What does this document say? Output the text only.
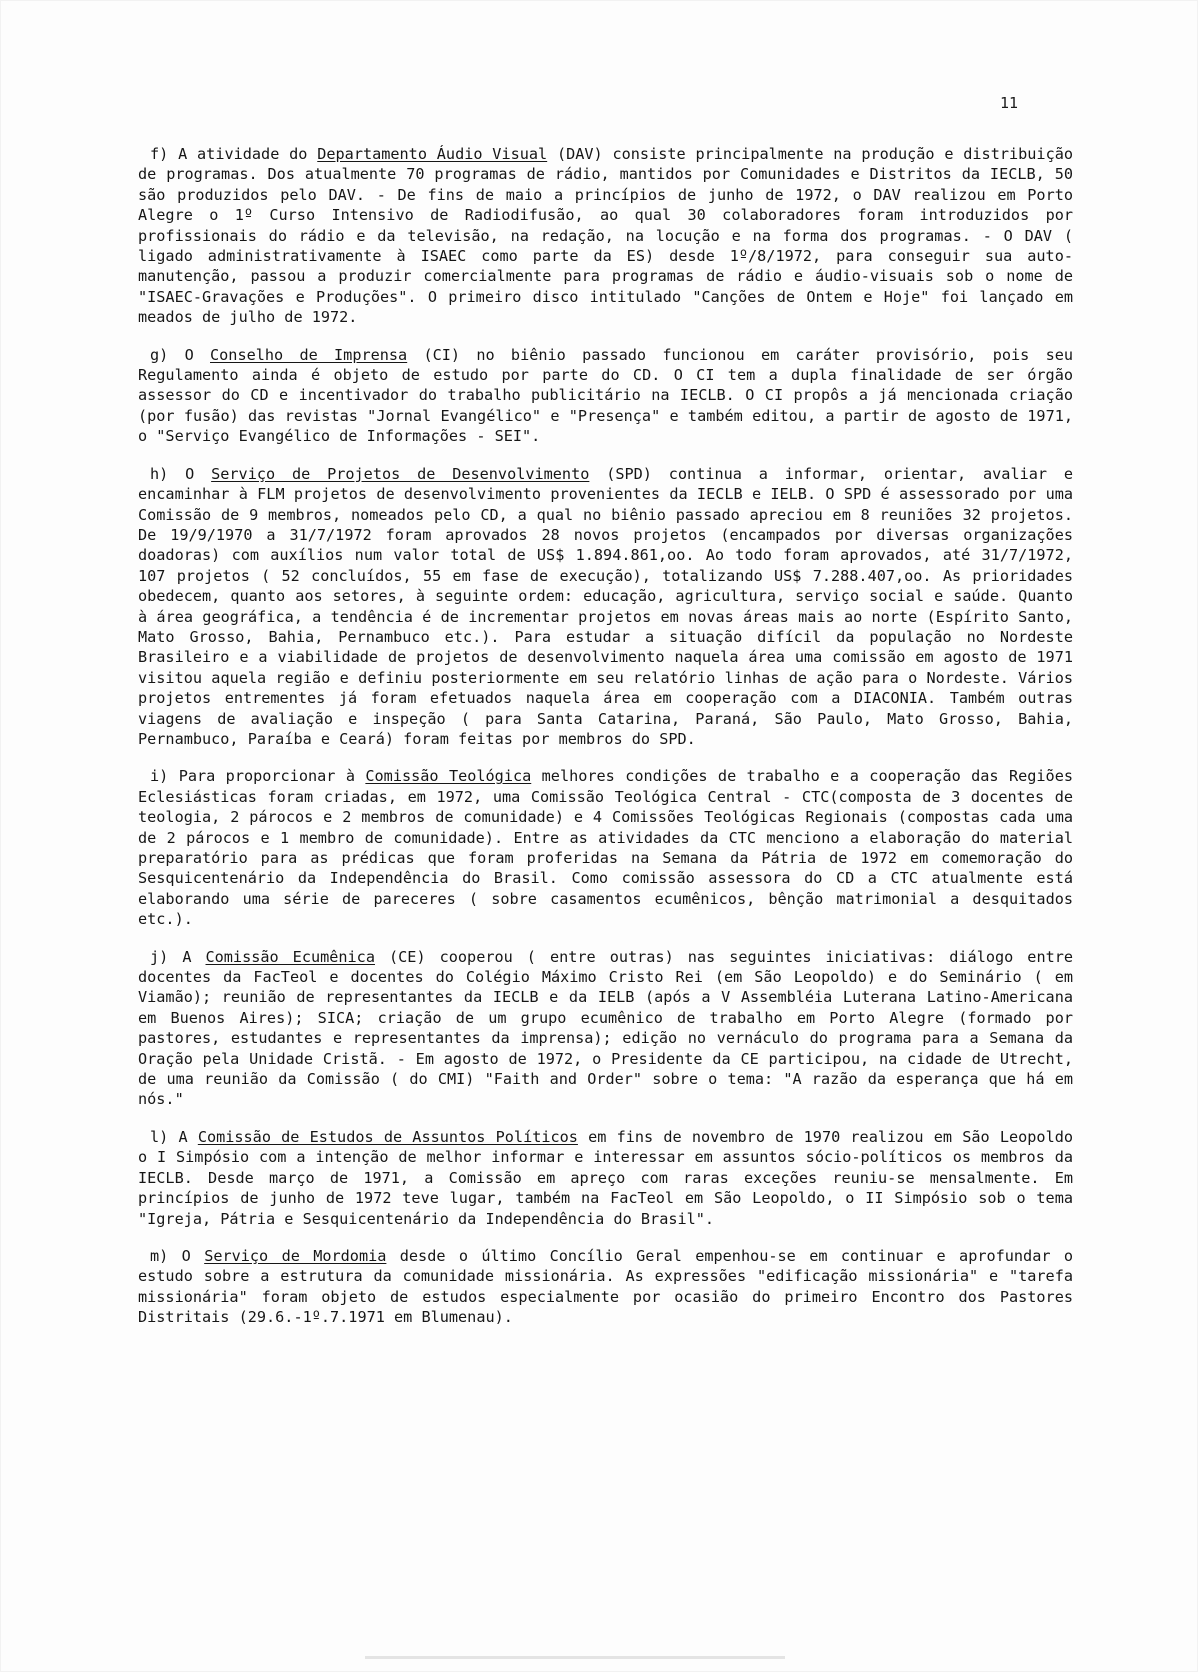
11

f) A atividade do Departamento Áudio Visual (DAV) consiste principalmente na produção e distribuição de programas. Dos atualmente 70 programas de rádio, mantidos por Comunidades e Distritos da IECLB, 50 são produzidos pelo DAV. - De fins de maio a princípios de junho de 1972, o DAV realizou em Porto Alegre o 1º Curso Intensivo de Radiodifusão, ao qual 30 colaboradores foram introduzidos por profissionais do rádio e da televisão, na redação, na locução e na forma dos programas. - O DAV ( ligado administrativamente à ISAEC como parte da ES) desde 1º/8/1972, para conseguir sua auto-manutenção, passou a produzir comercialmente para programas de rádio e áudio-visuais sob o nome de "ISAEC-Gravações e Produções". O primeiro disco intitulado "Canções de Ontem e Hoje" foi lançado em meados de julho de 1972.

g) O Conselho de Imprensa (CI) no biênio passado funcionou em caráter provisório, pois seu Regulamento ainda é objeto de estudo por parte do CD. O CI tem a dupla finalidade de ser órgão assessor do CD e incentivador do trabalho publicitário na IECLB. O CI propôs a já mencionada criação (por fusão) das revistas "Jornal Evangélico" e "Presença" e também editou, a partir de agosto de 1971, o "Serviço Evangélico de Informações - SEI".

h) O Serviço de Projetos de Desenvolvimento (SPD) continua a informar, orientar, avaliar e encaminhar à FLM projetos de desenvolvimento provenientes da IECLB e IELB. O SPD é assessorado por uma Comissão de 9 membros, nomeados pelo CD, a qual no biênio passado apreciou em 8 reuniões 32 projetos. De 19/9/1970 a 31/7/1972 foram aprovados 28 novos projetos (encampados por diversas organizações doadoras) com auxílios num valor total de US$ 1.894.861,oo. Ao todo foram aprovados, até 31/7/1972, 107 projetos ( 52 concluídos, 55 em fase de execução), totalizando US$ 7.288.407,oo. As prioridades obedecem, quanto aos setores, à seguinte ordem: educação, agricultura, serviço social e saúde. Quanto à área geográfica, a tendência é de incrementar projetos em novas áreas mais ao norte (Espírito Santo, Mato Grosso, Bahia, Pernambuco etc.). Para estudar a situação difícil da população no Nordeste Brasileiro e a viabilidade de projetos de desenvolvimento naquela área uma comissão em agosto de 1971 visitou aquela região e definiu posteriormente em seu relatório linhas de ação para o Nordeste. Vários projetos entrementes já foram efetuados naquela área em cooperação com a DIACONIA. Também outras viagens de avaliação e inspeção ( para Santa Catarina, Paraná, São Paulo, Mato Grosso, Bahia, Pernambuco, Paraíba e Ceará) foram feitas por membros do SPD.

i) Para proporcionar à Comissão Teológica melhores condições de trabalho e a cooperação das Regiões Eclesiásticas foram criadas, em 1972, uma Comissão Teológica Central - CTC(composta de 3 docentes de teologia, 2 párocos e 2 membros de comunidade) e 4 Comissões Teológicas Regionais (compostas cada uma de 2 párocos e 1 membro de comunidade). Entre as atividades da CTC menciono a elaboração do material preparatório para as prédicas que foram proferidas na Semana da Pátria de 1972 em comemoração do Sesquicentenário da Independência do Brasil. Como comissão assessora do CD a CTC atualmente está elaborando uma série de pareceres ( sobre casamentos ecumênicos, bênção matrimonial a desquitados etc.).

j) A Comissão Ecumênica (CE) cooperou ( entre outras) nas seguintes iniciativas: diálogo entre docentes da FacTeol e docentes do Colégio Máximo Cristo Rei (em São Leopoldo) e do Seminário ( em Viamão); reunião de representantes da IECLB e da IELB (após a V Assembléia Luterana Latino-Americana em Buenos Aires); SICA; criação de um grupo ecumênico de trabalho em Porto Alegre (formado por pastores, estudantes e representantes da imprensa); edição no vernáculo do programa para a Semana da Oração pela Unidade Cristã. - Em agosto de 1972, o Presidente da CE participou, na cidade de Utrecht, de uma reunião da Comissão ( do CMI) "Faith and Order" sobre o tema: "A razão da esperança que há em nós."

l) A Comissão de Estudos de Assuntos Políticos em fins de novembro de 1970 realizou em São Leopoldo o I Simpósio com a intenção de melhor informar e interessar em assuntos sócio-políticos os membros da IECLB. Desde março de 1971, a Comissão em apreço com raras exceções reuniu-se mensalmente. Em princípios de junho de 1972 teve lugar, também na FacTeol em São Leopoldo, o II Simpósio sob o tema "Igreja, Pátria e Sesquicentenário da Independência do Brasil".

m) O Serviço de Mordomia desde o último Concílio Geral empenhou-se em continuar e aprofundar o estudo sobre a estrutura da comunidade missionária. As expressões "edificação missionária" e "tarefa missionária" foram objeto de estudos especialmente por ocasião do primeiro Encontro dos Pastores Distritais (29.6.-1º.7.1971 em Blumenau).
